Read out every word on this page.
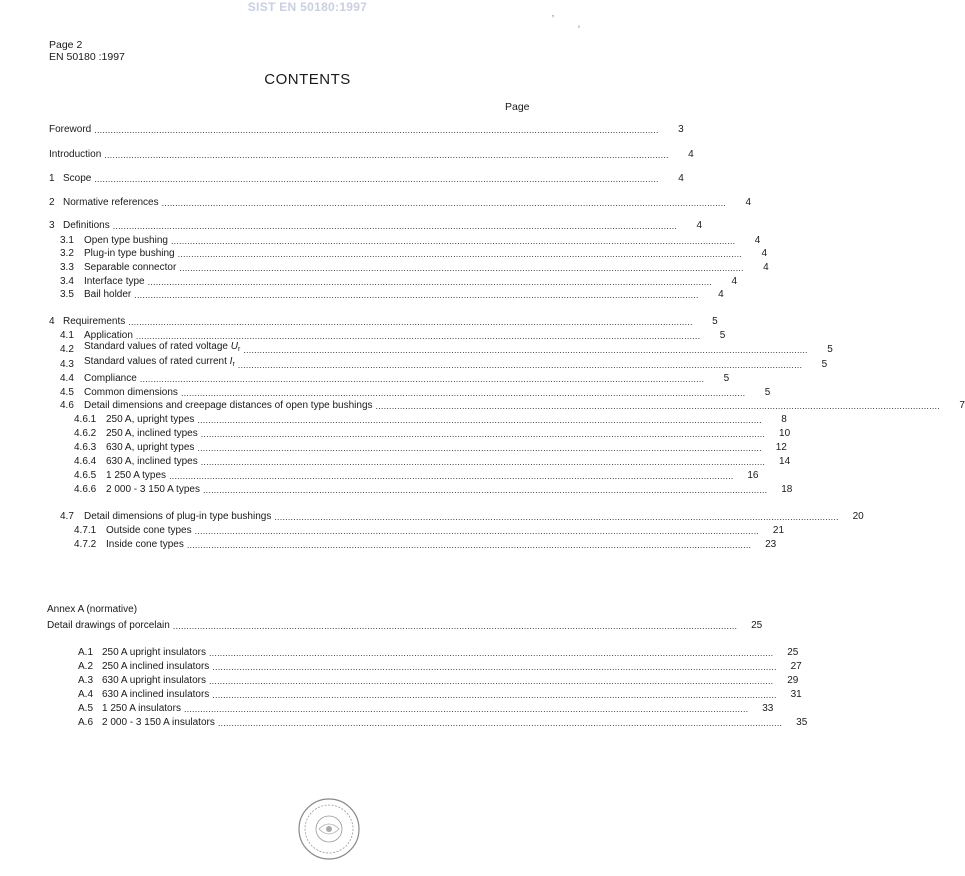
SIST EN 50180:1997
Page 2
EN 50180 :1997
CONTENTS
Page
Foreword .................................................................................................................................................................................................................	3
Introduction .................................................................................................................................................................................................................	4
1 Scope .................................................................................................................................................................................................................	4
2 Normative references .................................................................................................................................................................................................................	4
3 Definitions .................................................................................................................................................................................................................	4
3.1	Open type bushing .................................................................................................................................................................................................................	4
3.2	Plug-in type bushing .................................................................................................................................................................................................................	4
3.3	Separable connector .................................................................................................................................................................................................................	4
3.4	Interface type .................................................................................................................................................................................................................	4
3.5	Bail holder .................................................................................................................................................................................................................	4
4 Requirements .................................................................................................................................................................................................................	5
4.1	Application .................................................................................................................................................................................................................	5
4.2	Standard values of rated voltage $U_r$ .................................................................................................................................................................................................................	5
4.3	Standard values of rated current $I_r$ .................................................................................................................................................................................................................	5
4.4	Compliance .................................................................................................................................................................................................................	5
4.5	Common dimensions .................................................................................................................................................................................................................	5
4.6	Detail dimensions and creepage distances of open type bushings .................................................................................................................................................................................................................	7
4.6.1 250 A, upright types .................................................................................................................................................................................................................	8
4.6.2 250 A, inclined types .................................................................................................................................................................................................................	10
4.6.3 630 A, upright types .................................................................................................................................................................................................................	12
4.6.4 630 A, inclined types .................................................................................................................................................................................................................	14
4.6.5 1 250 A types .................................................................................................................................................................................................................	16
4.6.6 2 000 - 3 150 A types .................................................................................................................................................................................................................	18
4.7	Detail dimensions of plug-in type bushings .................................................................................................................................................................................................................	20
4.7.1 Outside cone types .................................................................................................................................................................................................................	21
4.7.2 Inside cone types .................................................................................................................................................................................................................	23
Annex A (normative)
Detail drawings of porcelain .................................................................................................................................................................................................................	25
A.1 250 A upright insulators .................................................................................................................................................................................................................	25
A.2 250 A inclined insulators .................................................................................................................................................................................................................	27
A.3 630 A upright insulators .................................................................................................................................................................................................................	29
A.4 630 A inclined insulators .................................................................................................................................................................................................................	31
A.5 1 250 A insulators .................................................................................................................................................................................................................	33
A.6 2 000 - 3 150 A insulators .................................................................................................................................................................................................................	35
ʼ
ʻ
